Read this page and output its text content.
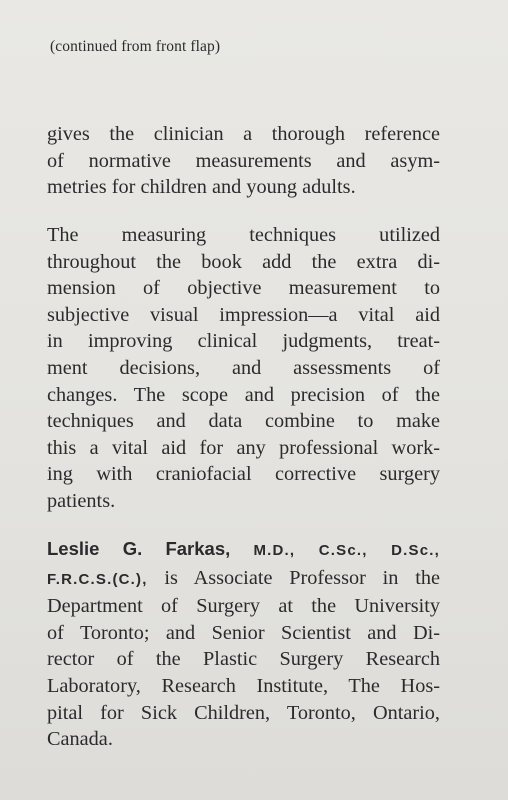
(continued from front flap)

gives the clinician a thorough reference
of normative measurements and asym-
metries for children and young adults.

The measuring techniques utilized
throughout the book add the extra di-
mension of objective measurement to
subjective visual impression—a vital aid
in improving clinical judgments, treat-
ment decisions, and assessments of
changes. The scope and precision of the
techniques and data combine to make
this a vital aid for any professional work-
ing with craniofacial corrective surgery
patients.

Leslie G. Farkas, M.D., C.Sc., D.Sc.,
F.R.C.S.(C.), is Associate Professor in the
Department of Surgery at the University
of Toronto; and Senior Scientist and Di-
rector of the Plastic Surgery Research
Laboratory, Research Institute, The Hos-
pital for Sick Children, Toronto, Ontario,
Canada.
